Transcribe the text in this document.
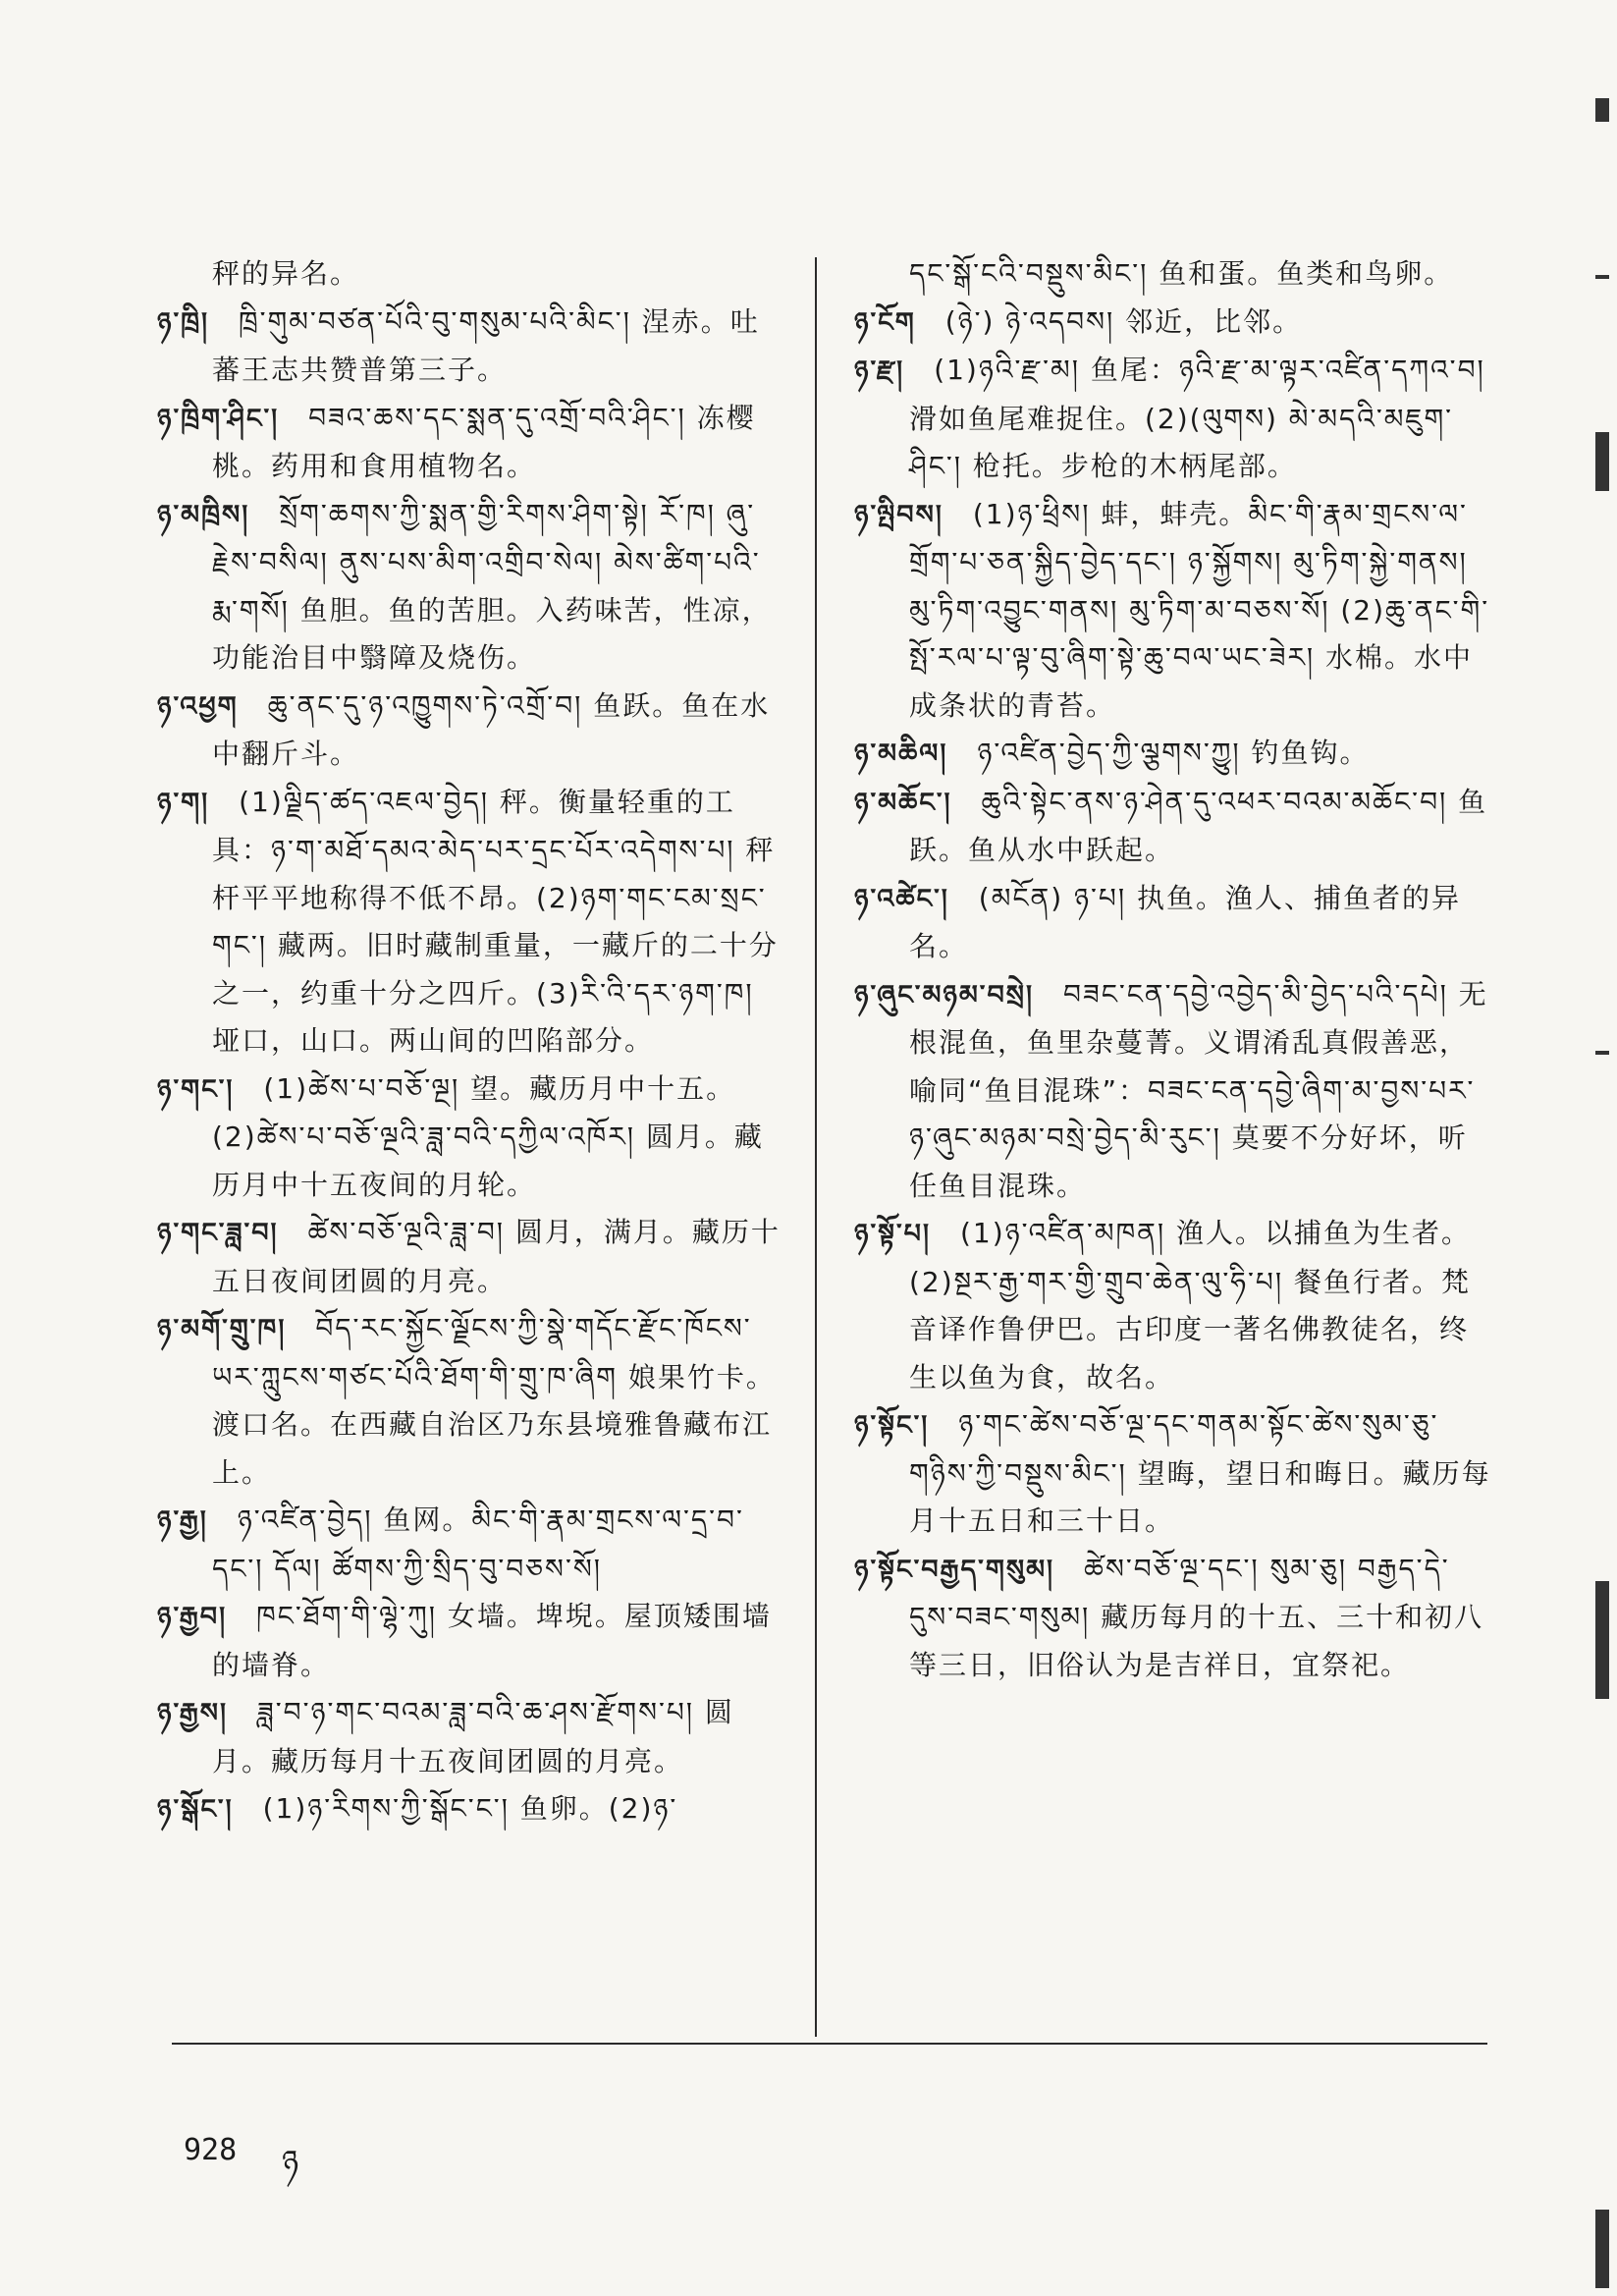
秤的异名。
ཉ་ཁྲི།  ཁྲི་གུམ་བཙན་པོའི་བུ་གསུམ་པའི་མིང་། 涅赤。吐蕃王志共赞普第三子。
ཉ་ཁྲིག་ཤིང་།  བཟའ་ཆས་དང་སྨན་དུ་འགྲོ་བའི་ཤིང་། 冻樱桃。药用和食用植物名。
ཉ་མཁྲིས།  སྲོག་ཆགས་ཀྱི་སྨན་གྱི་རིགས་ཤིག་སྟེ། རོ་ཁ། ཞུ་རྗེས་བསིལ། ནུས་པས་མིག་འགྲིབ་སེལ། མེས་ཚིག་པའི་རྨ་གསོ། 鱼胆。鱼的苦胆。入药味苦，性凉，功能治目中翳障及烧伤。
ཉ་འཕྱག  ཆུ་ནང་དུ་ཉ་འཁྱུགས་ཏེ་འགྲོ་བ། 鱼跃。鱼在水中翻斤斗。
ཉ་ག།  (1)ལྗིད་ཚད་འཇལ་བྱེད། 秤。衡量轻重的工具：ཉ་ག་མཐོ་དམའ་མེད་པར་དྲང་པོར་འདེགས་པ། 秤杆平平地称得不低不昂。(2)ཉག་གང་ངམ་སྲང་གང་། 藏两。旧时藏制重量，一藏斤的二十分之一，约重十分之四斤。(3)རི་འི་དར་ཉག་ཁ། 垭口，山口。两山间的凹陷部分。
ཉ་གང་།  (1)ཚེས་པ་བཅོ་ལྔ། 望。藏历月中十五。(2)ཚེས་པ་བཅོ་ལྔའི་ཟླ་བའི་དཀྱིལ་འཁོར། 圆月。藏历月中十五夜间的月轮。
ཉ་གང་ཟླ་བ།  ཚེས་བཅོ་ལྔའི་ཟླ་བ། 圆月，满月。藏历十五日夜间团圆的月亮。
ཉ་མགོ་གྲུ་ཁ།  བོད་རང་སྐྱོང་ལྗོངས་ཀྱི་སྣེ་གདོང་རྫོང་ཁོངས་ཡར་ཀླུངས་གཙང་པོའི་ཐོག་གི་གྲུ་ཁ་ཞིག 娘果竹卡。渡口名。在西藏自治区乃东县境雅鲁藏布江上。
ཉ་རྒྱ།  ཉ་འཛིན་བྱེད། 鱼网。མིང་གི་རྣམ་གྲངས་ལ་དྲ་བ་དང་། དོལ། ཚོགས་ཀྱི་སྲིད་བུ་བཅས་སོ།
ཉ་རྒྱབ།  ཁང་ཐོག་གི་ལྷེ་ཀུ། 女墙。埤堄。屋顶矮围墙的墙脊。
ཉ་རྒྱས།  ཟླ་བ་ཉ་གང་བའམ་ཟླ་བའི་ཆ་ཤས་རྫོགས་པ། 圆月。藏历每月十五夜间团圆的月亮。
ཉ་སྒོང་།  (1)ཉ་རིགས་ཀྱི་སྒོང་ང་། 鱼卵。(2)ཉ་
དང་སྒོ་ངའི་བསྡུས་མིང་། 鱼和蛋。鱼类和鸟卵。
ཉ་ངོག  (ཉེ་) ཉེ་འདབས། 邻近，比邻。
ཉ་རྫ།  (1)ཉའི་རྫ་མ། 鱼尾：ཉའི་རྫ་མ་ལྟར་འཛིན་དཀའ་བ། 滑如鱼尾难捉住。(2)(ལུགས) མེ་མདའི་མཇུག་ཤིང་། 枪托。步枪的木柄尾部。
ཉ་ལྤིབས།  (1)ཉ་ཕྲིས། 蚌，蚌壳。མིང་གི་རྣམ་གྲངས་ལ་གྲོག་པ་ཅན་སྐྱིད་བྱེད་དང་། ཉ་སྐྱོགས། མུ་ཏིག་སྐྱེ་གནས། མུ་ཏིག་འབྱུང་གནས། མུ་ཏིག་མ་བཅས་སོ། (2)ཆུ་ནང་གི་སྤོ་རལ་པ་ལྟ་བུ་ཞིག་སྟེ་ཆུ་བལ་ཡང་ཟེར། 水棉。水中成条状的青苔。
ཉ་མཆིལ།  ཉ་འཛིན་བྱེད་ཀྱི་ལྕགས་ཀྱུ། 钓鱼钩。
ཉ་མཆོང་།  ཆུའི་སྟེང་ནས་ཉ་ཤེན་དུ་འཕར་བའམ་མཆོང་བ། 鱼跃。鱼从水中跃起。
ཉ་འཚེང་།  (མངོན) ཉ་པ། 执鱼。渔人、捕鱼者的异名。
ཉ་ཞུང་མཉམ་བསྲེ།  བཟང་ངན་དབྱེ་འབྱེད་མི་བྱེད་པའི་དཔེ། 无根混鱼，鱼里杂蔓菁。义谓淆乱真假善恶，喻同“鱼目混珠”：བཟང་ངན་དབྱེ་ཞིག་མ་བྱས་པར་ཉ་ཞུང་མཉམ་བསྲེ་བྱེད་མི་རུང་། 莫要不分好坏，听任鱼目混珠。
ཉ་སྟོ་པ།  (1)ཉ་འཛིན་མཁན། 渔人。以捕鱼为生者。(2)སྔར་རྒྱ་གར་གྱི་གྲུབ་ཆེན་ལུ་ཧི་པ། 餐鱼行者。梵音译作鲁伊巴。古印度一著名佛教徒名，终生以鱼为食，故名。
ཉ་སྟོང་།  ཉ་གང་ཚེས་བཅོ་ལྔ་དང་གནམ་སྟོང་ཚེས་སུམ་ཅུ་གཉིས་ཀྱི་བསྡུས་མིང་། 望晦，望日和晦日。藏历每月十五日和三十日。
ཉ་སྟོང་བརྒྱད་གསུམ།  ཚེས་བཅོ་ལྔ་དང་། སུམ་ཅུ། བརྒྱད་དེ་དུས་བཟང་གསུམ། 藏历每月的十五、三十和初八等三日，旧俗认为是吉祥日，宜祭祀。
928 ཉ
